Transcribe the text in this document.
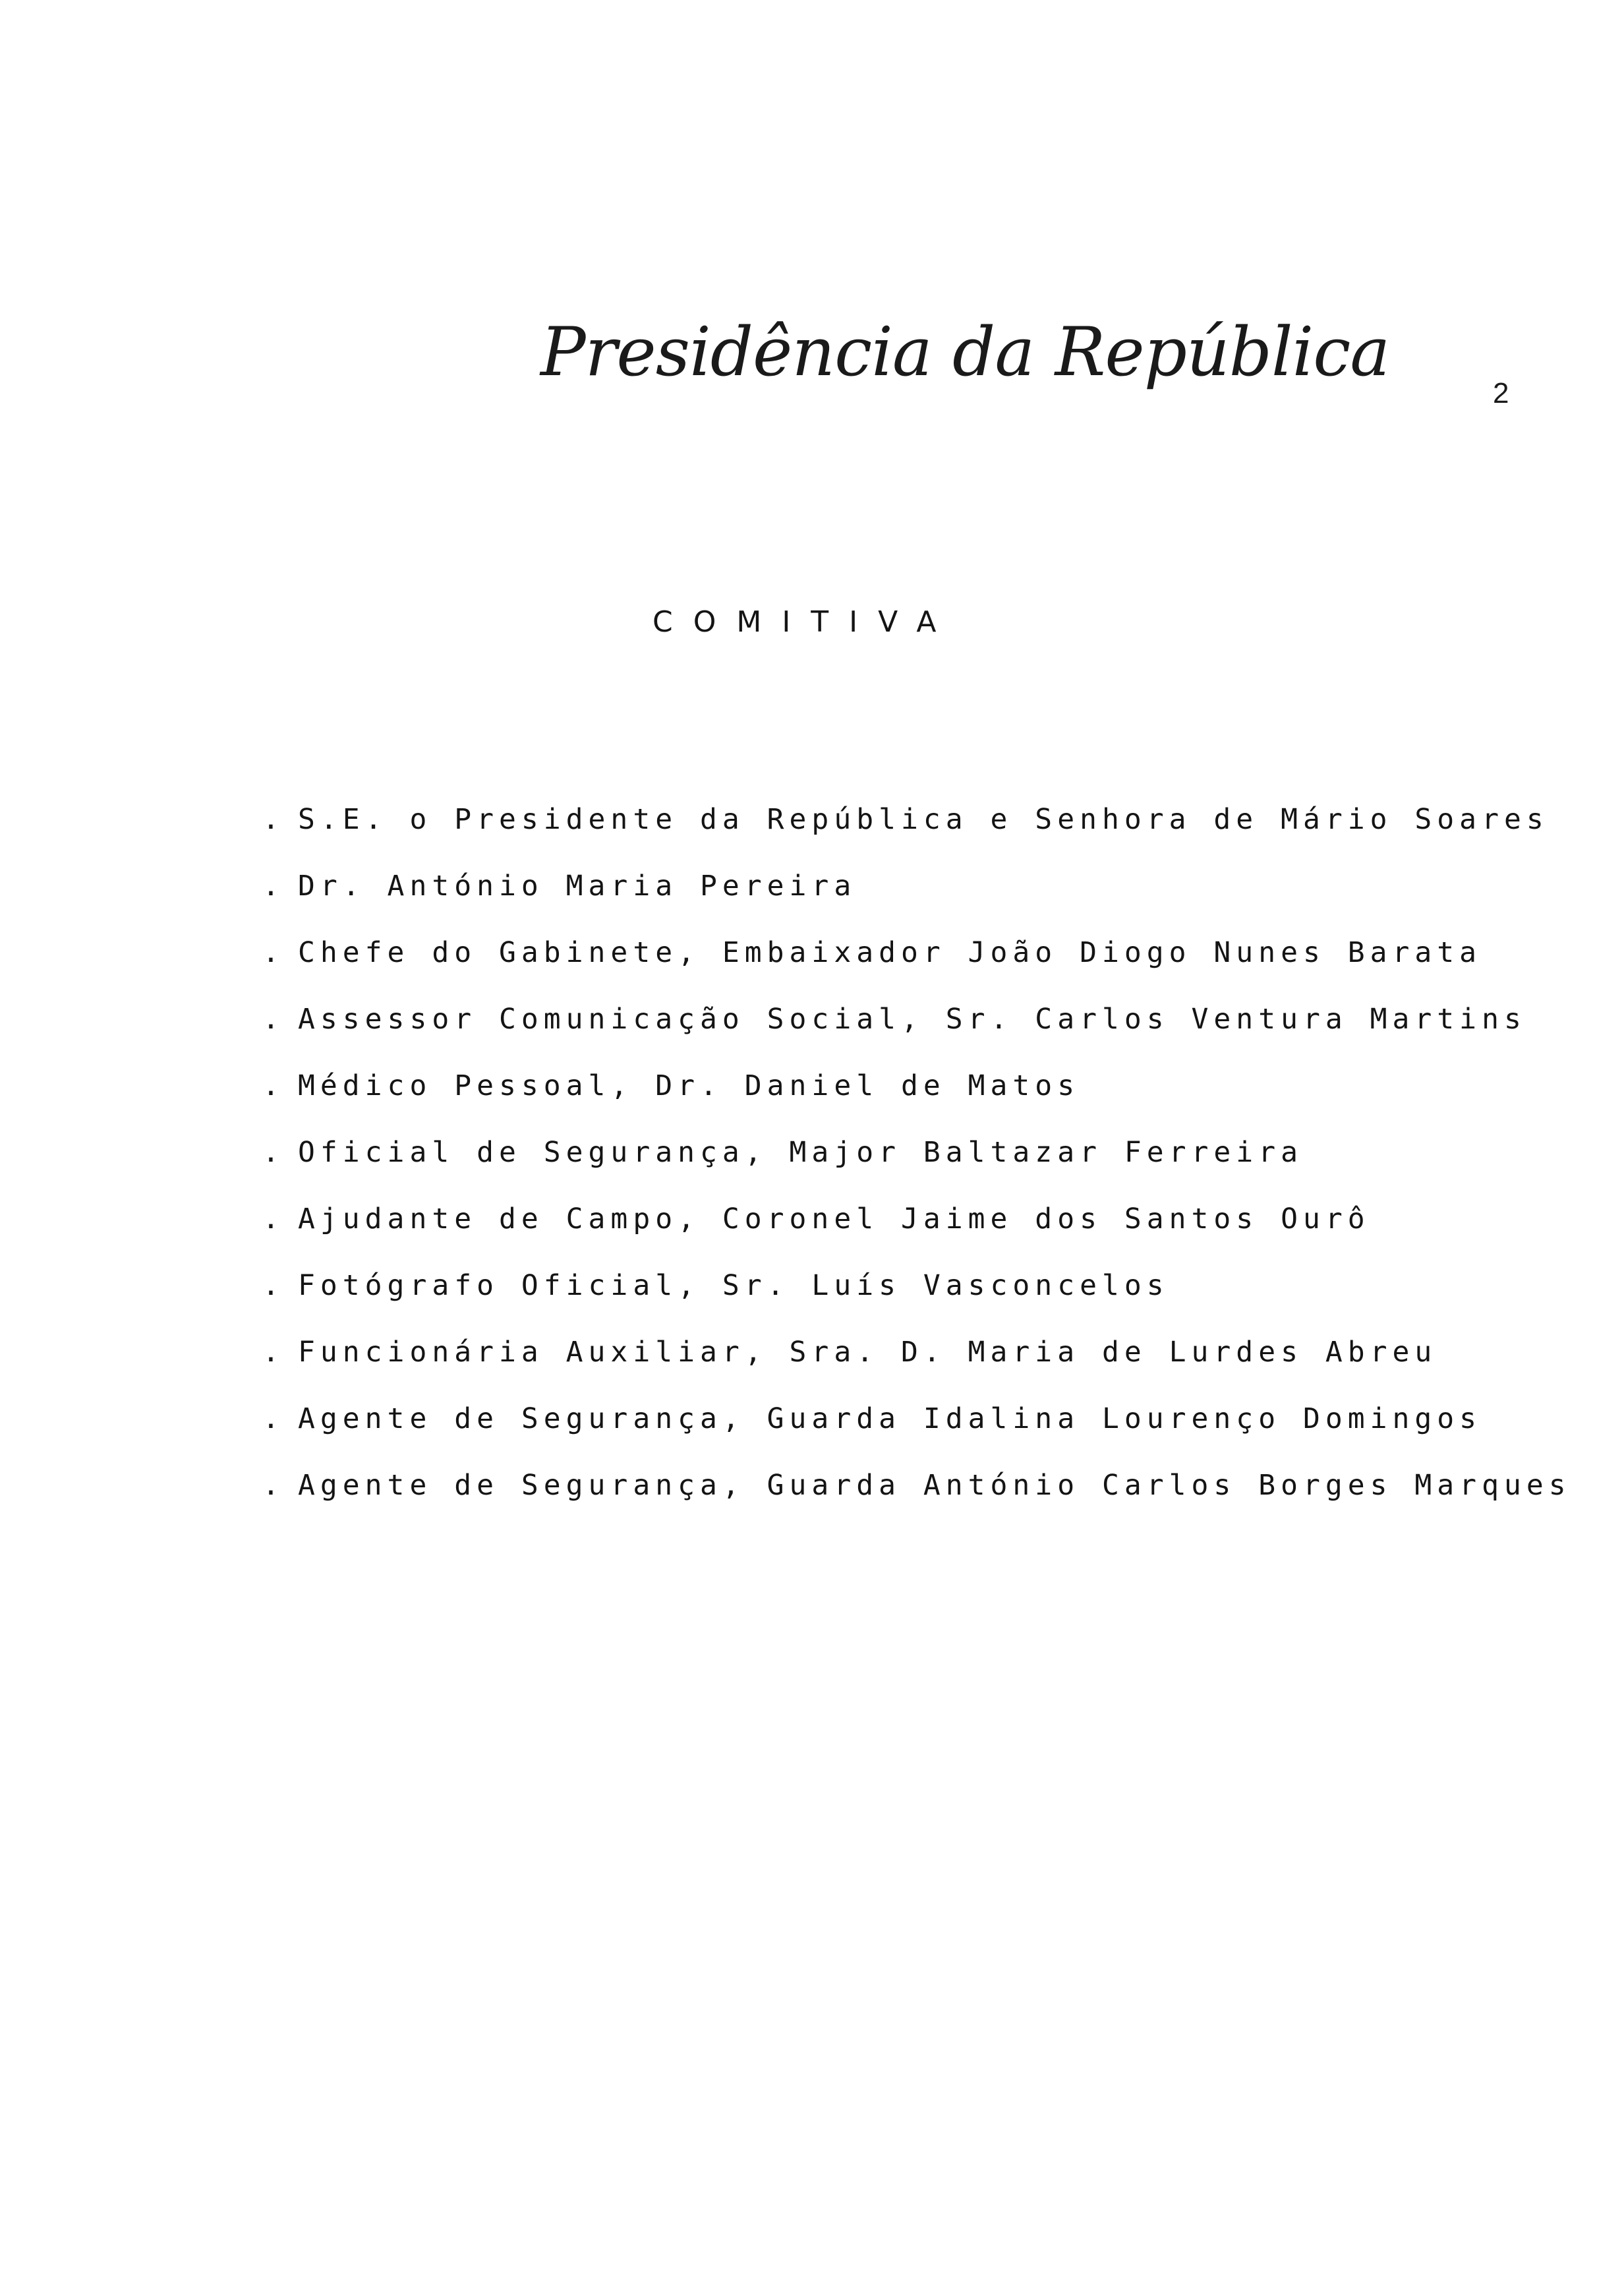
Presidência da República
2
COMITIVA
. S.E. o Presidente da República e Senhora de Mário Soares
. Dr. António Maria Pereira
. Chefe do Gabinete, Embaixador João Diogo Nunes Barata
. Assessor Comunicação Social, Sr. Carlos Ventura Martins
. Médico Pessoal, Dr. Daniel de Matos
. Oficial de Segurança, Major Baltazar Ferreira
. Ajudante de Campo, Coronel Jaime dos Santos Ourô
. Fotógrafo Oficial, Sr. Luís Vasconcelos
. Funcionária Auxiliar, Sra. D. Maria de Lurdes Abreu
. Agente de Segurança, Guarda Idalina Lourenço Domingos
. Agente de Segurança, Guarda António Carlos Borges Marques
